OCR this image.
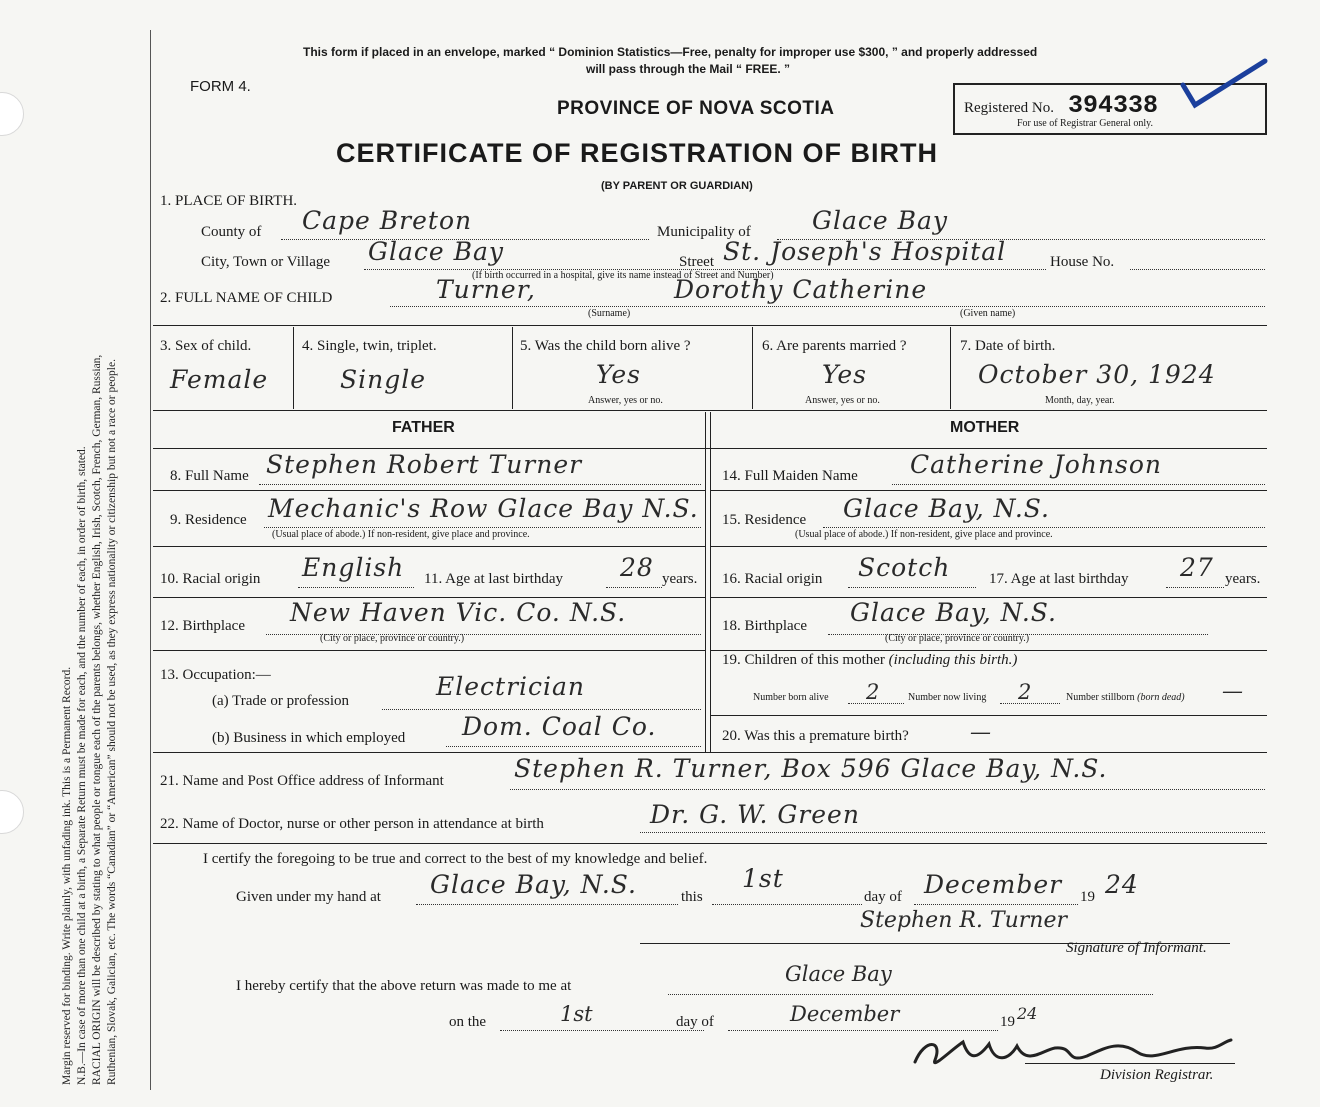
Margin reserved for binding. Write plainly, with unfading ink. This is a Permanent Record. N.B.—In case of more than one child at a birth, a Separate Return must be made for each, and the number of each, in order of birth, stated. RACIAL ORIGIN will be described by stating to what people or tongue each of the parents belongs, whether English, Irish, Scotch, French, German, Russian, Ruthenian, Slovak, Galician, etc. The words “Canadian” or “American” should not be used, as they express nationality or citizenship but not a race or people.
This form if placed in an envelope, marked “ Dominion Statistics—Free, penalty for improper use $300, ” and properly addressed
will pass through the Mail “ FREE. ”
FORM 4.
PROVINCE OF NOVA SCOTIA
CERTIFICATE OF REGISTRATION OF BIRTH
(BY PARENT OR GUARDIAN)
Registered No. 394338
For use of Registrar General only.
1. PLACE OF BIRTH.
County of Cape Breton	Municipality of Glace Bay
City, Town or Village Glace Bay	Street St. Joseph's Hospital
(If birth occurred in a hospital, give its name instead of Street and Number)
House No.
2. FULL NAME OF CHILD	Turner,	Dorothy Catherine
(Surname)	(Given name)
3. Sex of child.
Female
4. Single, twin, triplet.
Single
5. Was the child born alive ?
Yes
Answer, yes or no.
6. Are parents married ?
Yes
Answer, yes or no.
7. Date of birth.
October 30, 1924
Month, day, year.
FATHER	MOTHER
8. Full Name Stephen Robert Turner
9. Residence Mechanic's Row Glace Bay N.S.
(Usual place of abode.) If non-resident, give place and province.
10. Racial origin English 11. Age at last birthday 28 years.
12. Birthplace New Haven Vic. Co. N.S.
(City or place, province or country.)
13. Occupation:—
(a) Trade or profession	Electrician
(b) Business in which employed Dom. Coal Co.
14. Full Maiden Name Catherine Johnson
15. Residence Glace Bay, N.S.
(Usual place of abode.) If non-resident, give place and province.
16. Racial origin Scotch	17. Age at last birthday 27 years.
18. Birthplace Glace Bay, N.S.
(City or place, province or country.)
19. Children of this mother (including this birth.)
Number born alive 2	Number now living 2	Number stillborn (born dead) —
20. Was this a premature birth?	—
21. Name and Post Office address of Informant	Stephen R. Turner, Box 596 Glace Bay, N.S.
22. Name of Doctor, nurse or other person in attendance at birth	Dr. G. W. Green
I certify the foregoing to be true and correct to the best of my knowledge and belief.
Given under my hand at Glace Bay, N.S.	this
1st
day of December 19 24
Stephen R. Turner
Signature of Informant.
I hereby certify that the above return was made to me at	Glace Bay
on the	1st	day of	December	19 24
Division Registrar.
